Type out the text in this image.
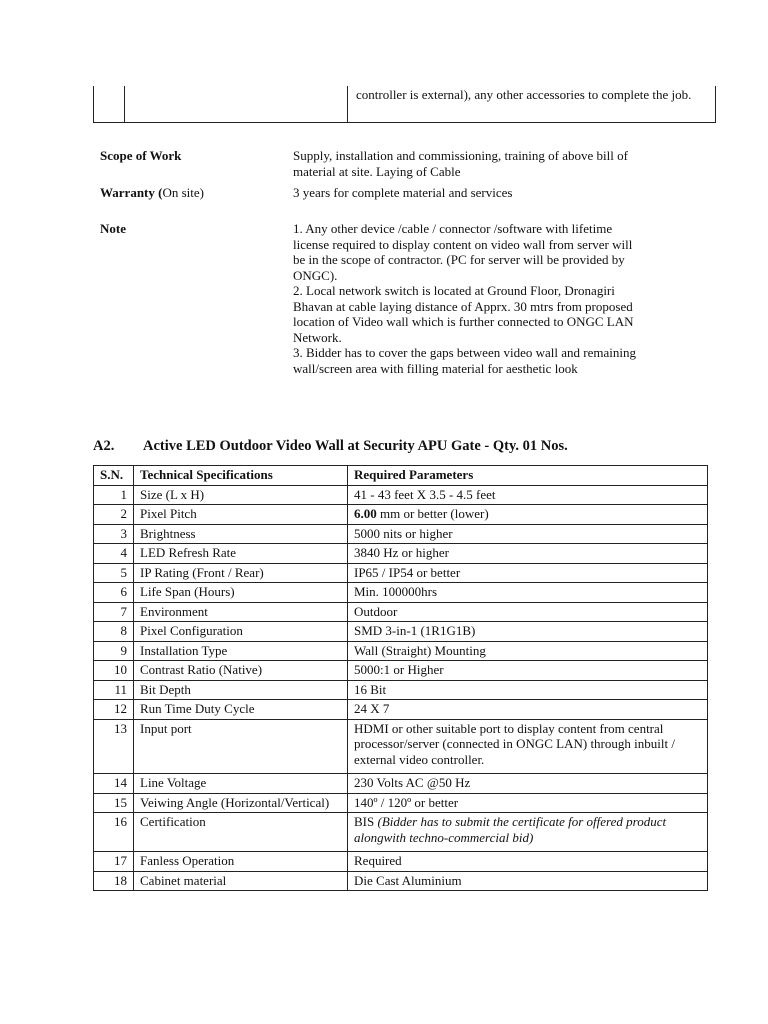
controller is external), any other accessories to complete the job.
Scope of Work	Supply, installation and commissioning, training of above bill of material at site. Laying of Cable
Warranty (On site)	3 years for complete material and services
Note	1. Any other device /cable / connector /software with lifetime
license required to display content on video wall from server will
be in the scope of contractor. (PC for server will be provided by
ONGC).
2. Local network switch is located at Ground Floor, Dronagiri
Bhavan at cable laying distance of Apprx. 30 mtrs from proposed
location of Video wall which is further connected to ONGC LAN
Network.
3. Bidder has to cover the gaps between video wall and remaining
wall/screen area with filling material for aesthetic look
A2. Active LED Outdoor Video Wall at Security APU Gate - Qty. 01 Nos.
S.N.	Technical Specifications	Required Parameters
1	Size (L x H)	41 - 43 feet X 3.5 - 4.5 feet
2	Pixel Pitch	6.00 mm or better (lower)
3	Brightness	5000 nits or higher
4	LED Refresh Rate	3840 Hz or higher
5	IP Rating (Front / Rear)	IP65 / IP54 or better
6	Life Span (Hours)	Min. 100000hrs
7	Environment	Outdoor
8	Pixel Configuration	SMD 3-in-1 (1R1G1B)
9	Installation Type	Wall (Straight) Mounting
10	Contrast Ratio (Native)	5000:1 or Higher
11	Bit Depth	16 Bit
12	Run Time Duty Cycle	24 X 7
13	Input port	HDMI or other suitable port to display content from central processor/server (connected in ONGC LAN) through inbuilt / external video controller.
14	Line Voltage	230 Volts AC @50 Hz
15	Veiwing Angle (Horizontal/Vertical)	140º / 120º or better
16	Certification	BIS (Bidder has to submit the certificate for offered product alongwith techno-commercial bid)
17	Fanless Operation	Required
18	Cabinet material	Die Cast Aluminium
